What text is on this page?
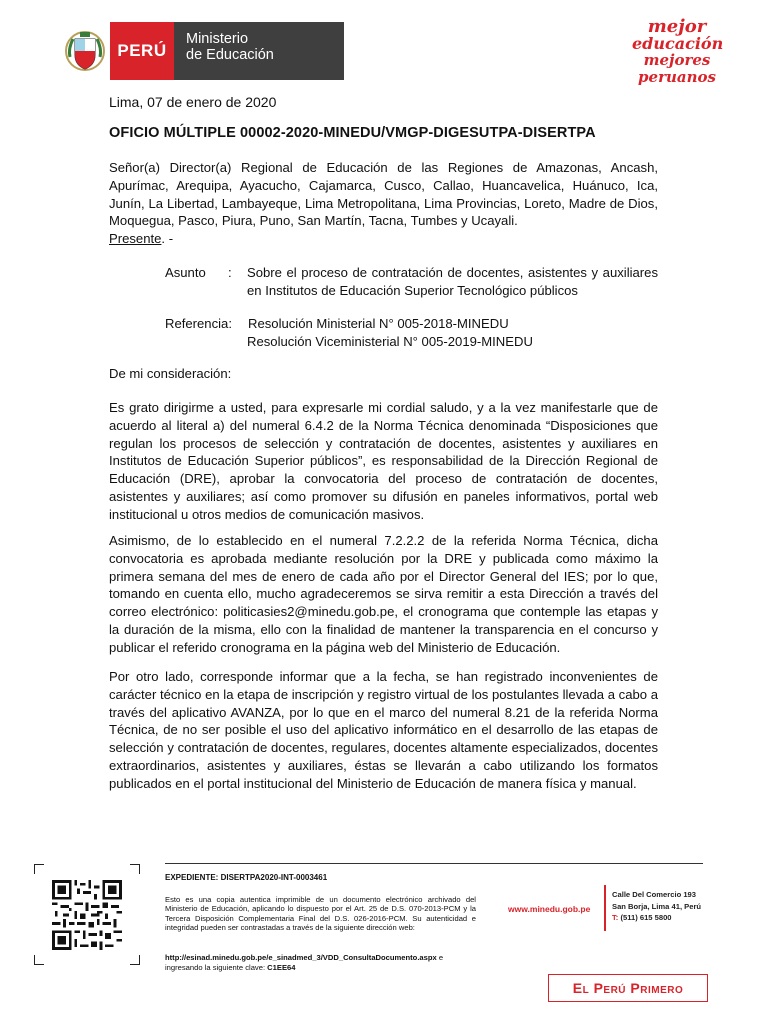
PERÚ
Ministerio
de Educación
mejor
educación
mejores
peruanos
Lima, 07 de enero de 2020
OFICIO MÚLTIPLE 00002-2020-MINEDU/VMGP-DIGESUTPA-DISERTPA
Señor(a) Director(a) Regional de Educación de las Regiones de Amazonas, Ancash, Apurímac, Arequipa, Ayacucho, Cajamarca, Cusco, Callao, Huancavelica, Huánuco, Ica, Junín, La Libertad, Lambayeque, Lima Metropolitana, Lima Provincias, Loreto, Madre de Dios, Moquegua, Pasco, Piura, Puno, San Martín, Tacna, Tumbes y Ucayali.
Presente. -
Asunto	: Sobre el proceso de contratación de docentes, asistentes y auxiliares en Institutos de Educación Superior Tecnológico públicos
Referencia: Resolución Ministerial N° 005-2018-MINEDU
Resolución Viceministerial N° 005-2019-MINEDU
De mi consideración:
Es grato dirigirme a usted, para expresarle mi cordial saludo, y a la vez manifestarle que de acuerdo al literal a) del numeral 6.4.2 de la Norma Técnica denominada “Disposiciones que regulan los procesos de selección y contratación de docentes, asistentes y auxiliares en Institutos de Educación Superior públicos”, es responsabilidad de la Dirección Regional de Educación (DRE), aprobar la convocatoria del proceso de contratación de docentes, asistentes y auxiliares; así como promover su difusión en paneles informativos, portal web institucional u otros medios de comunicación masivos.
Asimismo, de lo establecido en el numeral 7.2.2.2 de la referida Norma Técnica, dicha convocatoria es aprobada mediante resolución por la DRE y publicada como máximo la primera semana del mes de enero de cada año por el Director General del IES; por lo que, tomando en cuenta ello, mucho agradeceremos se sirva remitir a esta Dirección a través del correo electrónico: politicasies2@minedu.gob.pe, el cronograma que contemple las etapas y la duración de la misma, ello con la finalidad de mantener la transparencia en el concurso y publicar el referido cronograma en la página web del Ministerio de Educación.
Por otro lado, corresponde informar que a la fecha, se han registrado inconvenientes de carácter técnico en la etapa de inscripción y registro virtual de los postulantes llevada a cabo a través del aplicativo AVANZA, por lo que en el marco del numeral 8.21 de la referida Norma Técnica, de no ser posible el uso del aplicativo informático en el desarrollo de las etapas de selección y contratación de docentes, regulares, docentes altamente especializados, docentes extraordinarios, asistentes y auxiliares, éstas se llevarán a cabo utilizando los formatos publicados en el portal institucional del Ministerio de Educación de manera física y manual.
EXPEDIENTE: DISERTPA2020-INT-0003461
Esto es una copia autentica imprimible de un documento electrónico archivado del Ministerio de Educación, aplicando lo dispuesto por el Art. 25 de D.S. 070-2013-PCM y la Tercera Disposición Complementaria Final del D.S. 026-2016-PCM. Su autenticidad e integridad pueden ser contrastadas a través de la siguiente dirección web:
http://esinad.minedu.gob.pe/e_sinadmed_3/VDD_ConsultaDocumento.aspx e ingresando la siguiente clave: C1EE64
www.minedu.gob.pe
Calle Del Comercio 193
San Borja, Lima 41, Perú
T: (511) 615 5800
El Perú Primero
